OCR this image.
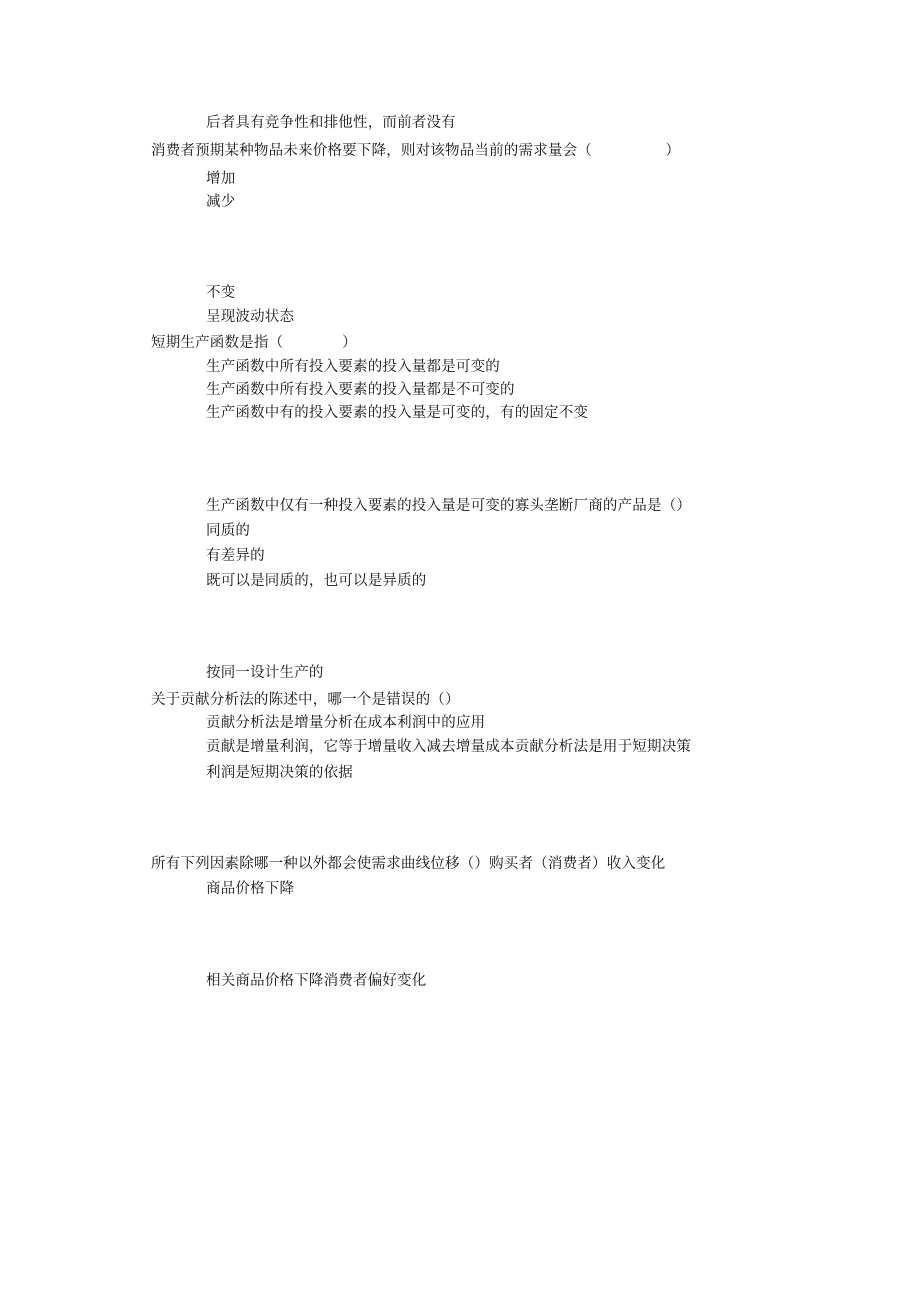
后者具有竞争性和排他性，而前者没有
消费者预期某种物品未来价格要下降，则对该物品当前的需求量会（　　　　　）
增加
减少
不变
呈现波动状态
短期生产函数是指（　　　　）
生产函数中所有投入要素的投入量都是可变的
生产函数中所有投入要素的投入量都是不可变的
生产函数中有的投入要素的投入量是可变的，有的固定不变
生产函数中仅有一种投入要素的投入量是可变的寡头垄断厂商的产品是（）
同质的
有差异的
既可以是同质的，也可以是异质的
按同一设计生产的
关于贡献分析法的陈述中，哪一个是错误的（）
贡献分析法是增量分析在成本利润中的应用
贡献是增量利润，它等于增量收入减去增量成本贡献分析法是用于短期决策
利润是短期决策的依据
所有下列因素除哪一种以外都会使需求曲线位移（）购买者（消费者）收入变化
商品价格下降
相关商品价格下降消费者偏好变化
